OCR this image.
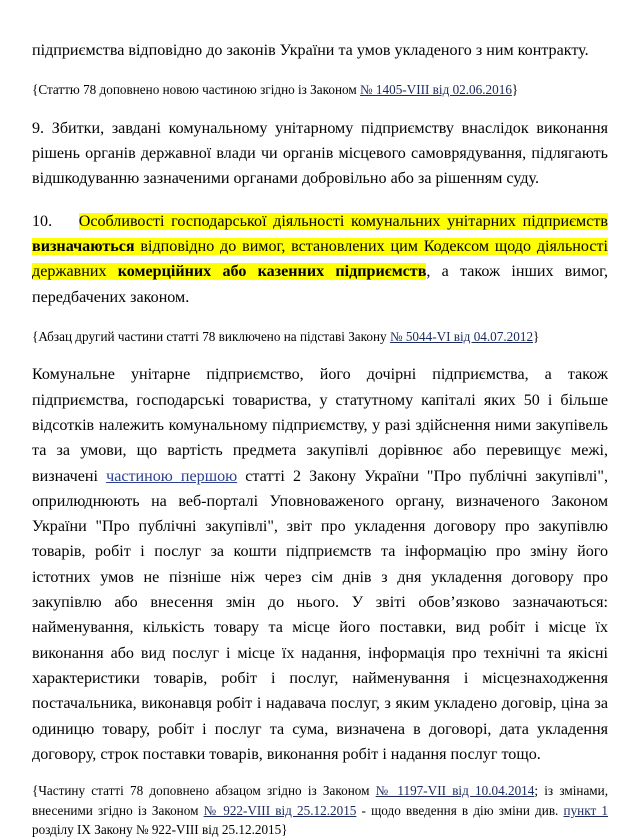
підприємства відповідно до законів України та умов укладеного з ним контракту.

{Статтю 78 доповнено новою частиною згідно із Законом № 1405-VIII від 02.06.2016}

9. Збитки, завдані комунальному унітарному підприємству внаслідок виконання рішень органів державної влади чи органів місцевого самоврядування, підлягають відшкодуванню зазначеними органами добровільно або за рішенням суду.

10. Особливості господарської діяльності комунальних унітарних підприємств визначаються відповідно до вимог, встановлених цим Кодексом щодо діяльності державних комерційних або казенних підприємств, а також інших вимог, передбачених законом.

{Абзац другий частини статті 78 виключено на підставі Закону № 5044-VI від 04.07.2012}

Комунальне унітарне підприємство, його дочірні підприємства, а також підприємства, господарські товариства, у статутному капіталі яких 50 і більше відсотків належить комунальному підприємству, у разі здійснення ними закупівель та за умови, що вартість предмета закупівлі дорівнює або перевищує межі, визначені частиною першою статті 2 Закону України "Про публічні закупівлі", оприлюднюють на веб-порталі Уповноваженого органу, визначеного Законом України "Про публічні закупівлі", звіт про укладення договору про закупівлю товарів, робіт і послуг за кошти підприємств та інформацію про зміну його істотних умов не пізніше ніж через сім днів з дня укладення договору про закупівлю або внесення змін до нього. У звіті обов’язково зазначаються: найменування, кількість товару та місце його поставки, вид робіт і місце їх виконання або вид послуг і місце їх надання, інформація про технічні та якісні характеристики товарів, робіт і послуг, найменування і місцезнаходження постачальника, виконавця робіт і надавача послуг, з яким укладено договір, ціна за одиницю товару, робіт і послуг та сума, визначена в договорі, дата укладення договору, строк поставки товарів, виконання робіт і надання послуг тощо.

{Частину статті 78 доповнено абзацом згідно із Законом № 1197-VII від 10.04.2014; із змінами, внесеними згідно із Законом № 922-VIII від 25.12.2015 - щодо введення в дію зміни див. пункт 1 розділу IX Закону № 922-VIII від 25.12.2015}
